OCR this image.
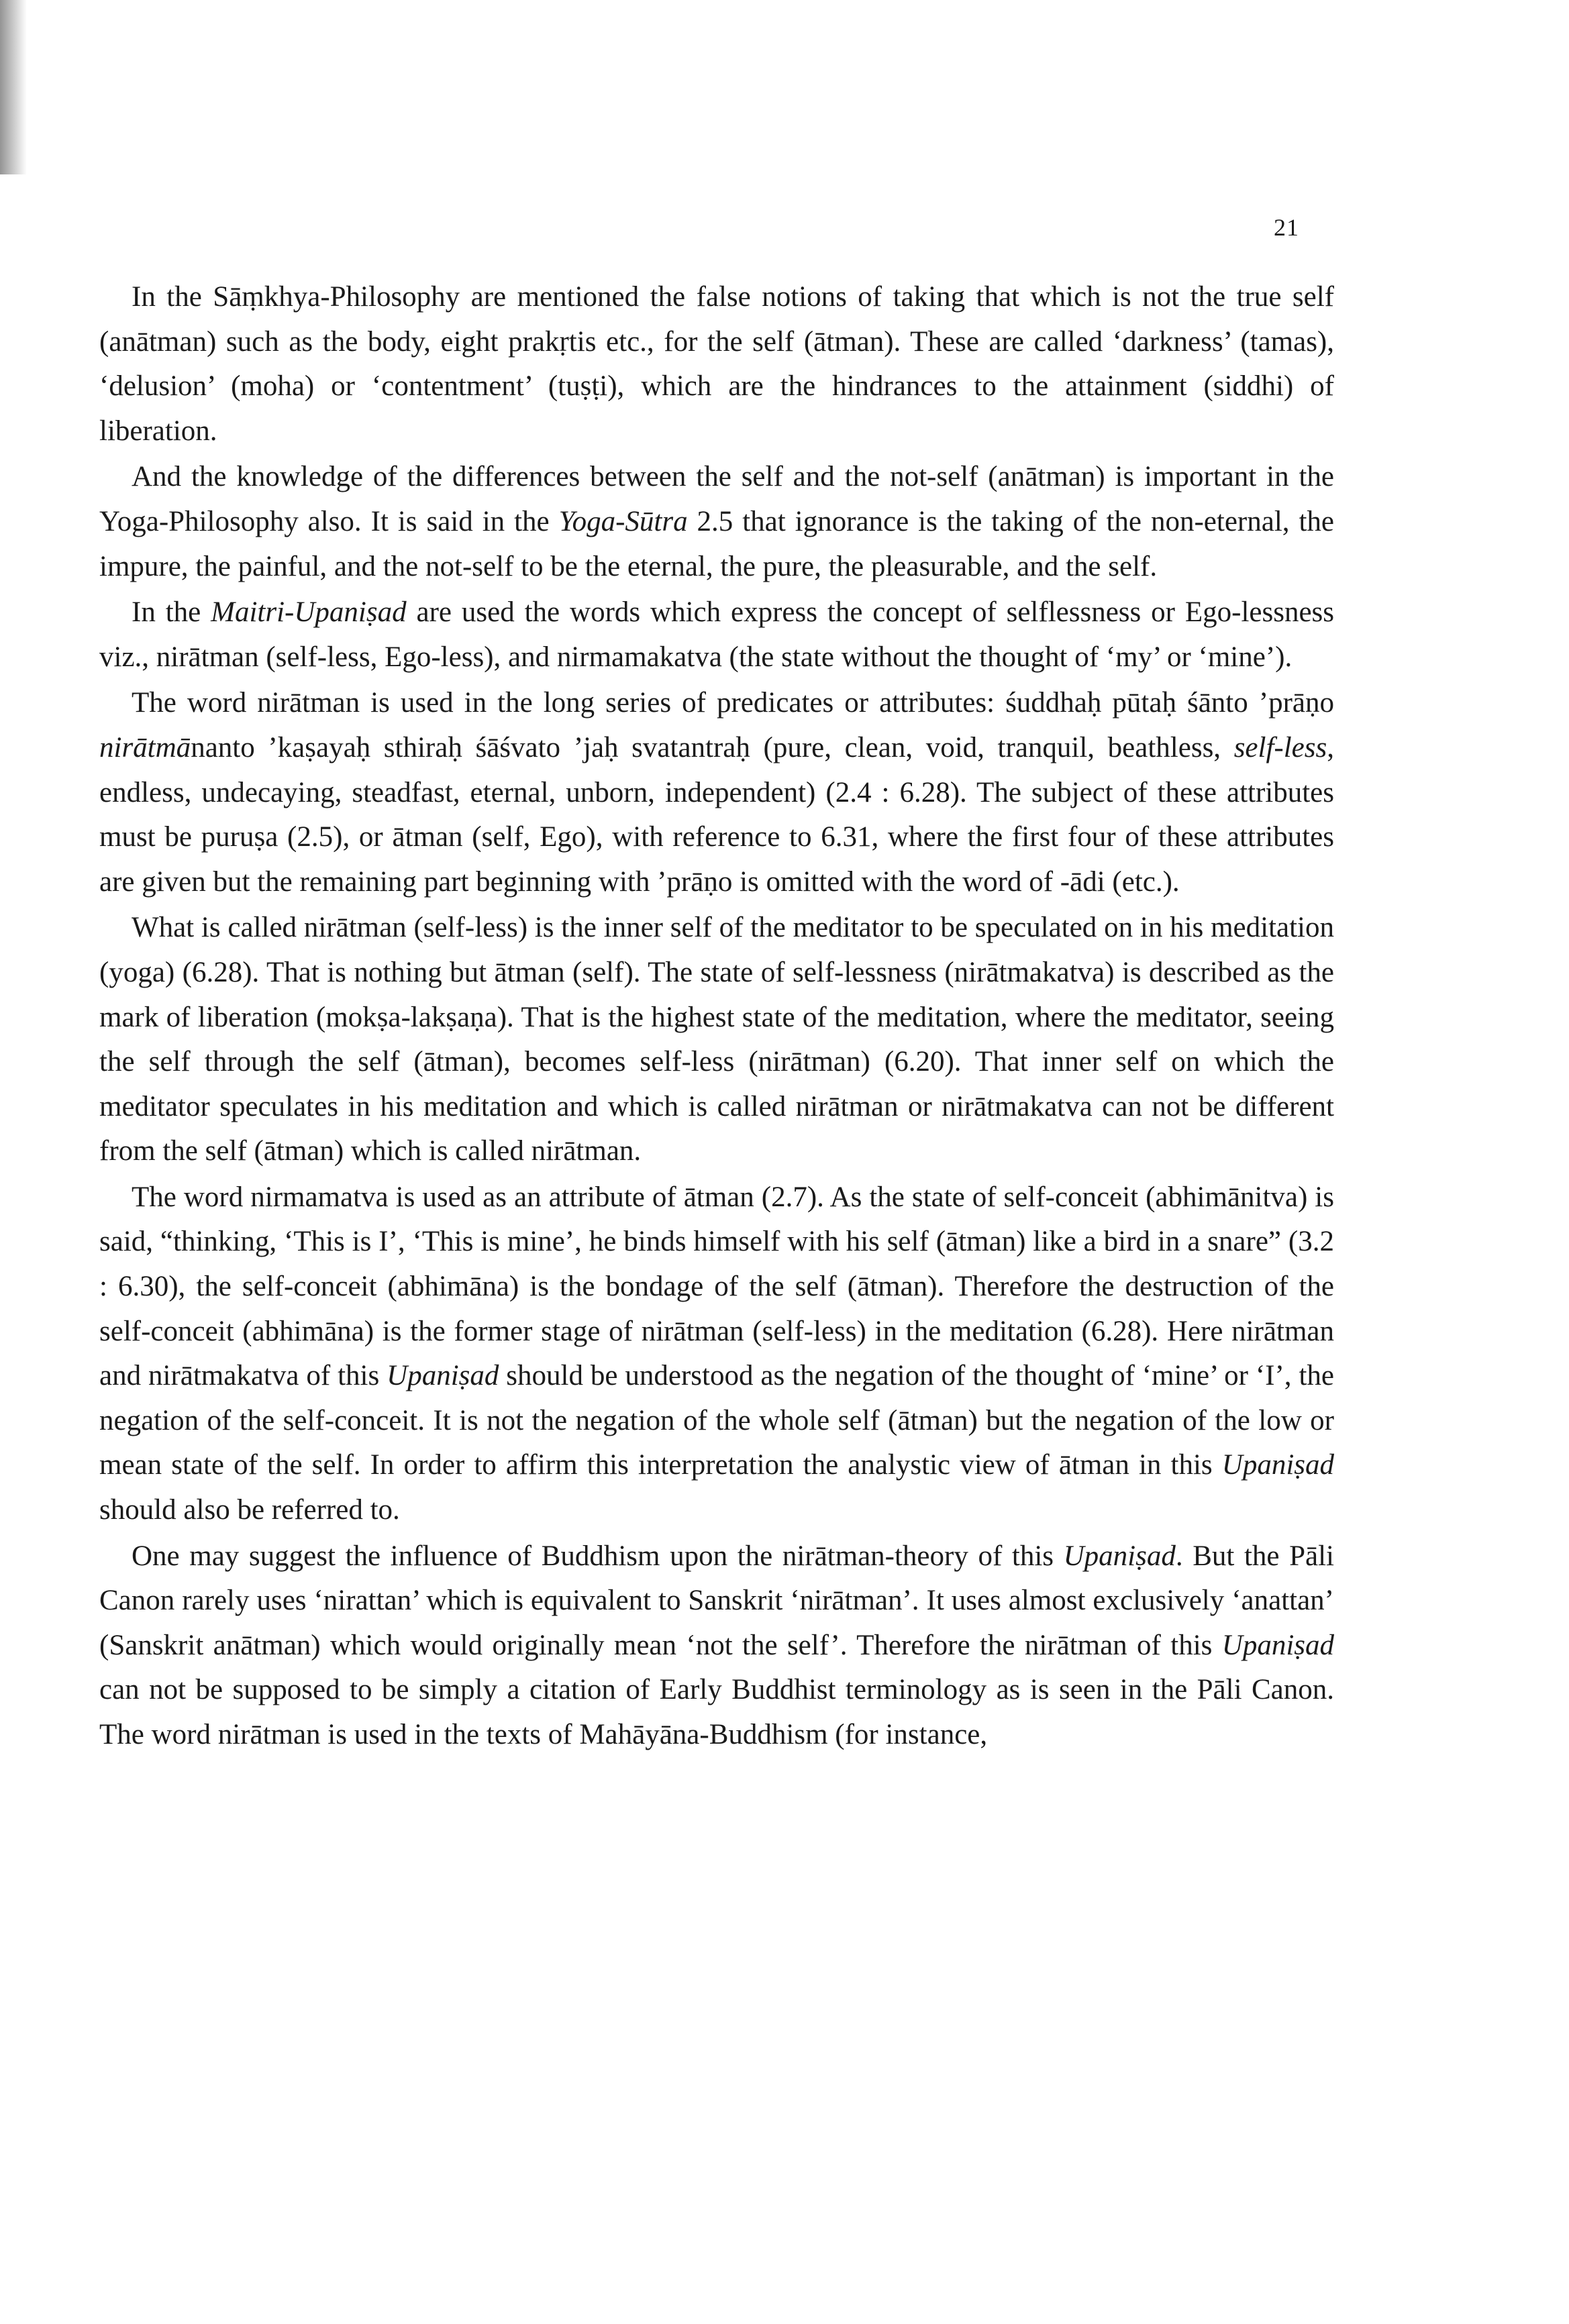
21

In the Sāṃkhya-Philosophy are mentioned the false notions of taking that which is not the true self (anātman) such as the body, eight prakṛtis etc., for the self (ātman). These are called ‘darkness’ (tamas), ‘delusion’ (moha) or ‘contentment’ (tuṣṭi), which are the hindrances to the attainment (siddhi) of liberation.

And the knowledge of the differences between the self and the not-self (anātman) is important in the Yoga-Philosophy also. It is said in the Yoga-Sūtra 2.5 that ignorance is the taking of the non-eternal, the impure, the painful, and the not-self to be the eternal, the pure, the pleasurable, and the self.

In the Maitri-Upaniṣad are used the words which express the concept of selflessness or Ego-lessness viz., nirātman (self-less, Ego-less), and nirmamakatva (the state without the thought of ‘my’ or ‘mine’).

The word nirātman is used in the long series of predicates or attributes: śuddhaḥ pūtaḥ śānto ’prāṇo nirātmānanto ’kaṣayaḥ sthiraḥ śāśvato ’jaḥ svatantraḥ (pure, clean, void, tranquil, beathless, self-less, endless, undecaying, steadfast, eternal, unborn, independent) (2.4 : 6.28). The subject of these attributes must be puruṣa (2.5), or ātman (self, Ego), with reference to 6.31, where the first four of these attributes are given but the remaining part beginning with ’prāṇo is omitted with the word of -ādi (etc.).

What is called nirātman (self-less) is the inner self of the meditator to be speculated on in his meditation (yoga) (6.28). That is nothing but ātman (self). The state of self-lessness (nirātmakatva) is described as the mark of liberation (mokṣa-lakṣaṇa). That is the highest state of the meditation, where the meditator, seeing the self through the self (ātman), becomes self-less (nirātman) (6.20). That inner self on which the meditator speculates in his meditation and which is called nirātman or nirātmakatva can not be different from the self (ātman) which is called nirātman.

The word nirmamatva is used as an attribute of ātman (2.7). As the state of self-conceit (abhimānitva) is said, “thinking, ‘This is I’, ‘This is mine’, he binds himself with his self (ātman) like a bird in a snare” (3.2 : 6.30), the self-conceit (abhimāna) is the bondage of the self (ātman). Therefore the destruction of the self-conceit (abhimāna) is the former stage of nirātman (self-less) in the meditation (6.28). Here nirātman and nirātmakatva of this Upaniṣad should be understood as the negation of the thought of ‘mine’ or ‘I’, the negation of the self-conceit. It is not the negation of the whole self (ātman) but the negation of the low or mean state of the self. In order to affirm this interpretation the analystic view of ātman in this Upaniṣad should also be referred to.

One may suggest the influence of Buddhism upon the nirātman-theory of this Upaniṣad. But the Pāli Canon rarely uses ‘nirattan’ which is equivalent to Sanskrit ‘nirātman’. It uses almost exclusively ‘anattan’ (Sanskrit anātman) which would originally mean ‘not the self’. Therefore the nirātman of this Upaniṣad can not be supposed to be simply a citation of Early Buddhist terminology as is seen in the Pāli Canon. The word nirātman is used in the texts of Mahāyāna-Buddhism (for instance,
